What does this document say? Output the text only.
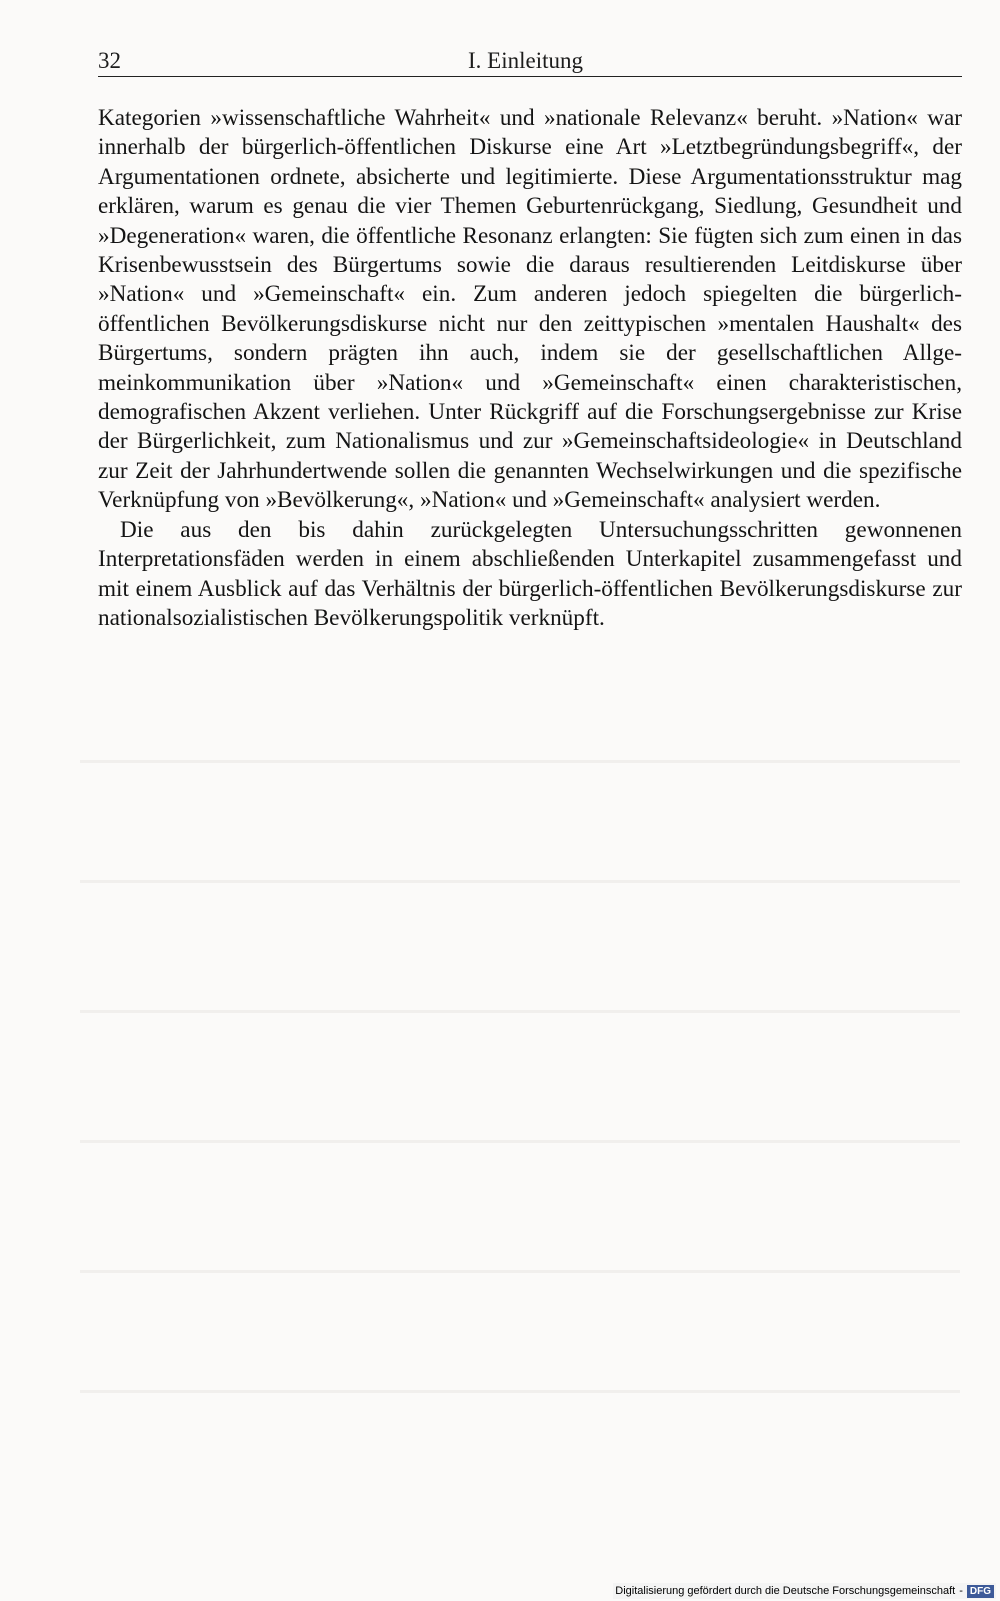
32	I. Einleitung

Kategorien »wissenschaftliche Wahrheit« und »nationale Relevanz« beruht. »Nation« war innerhalb der bürgerlich-öffentlichen Diskurse eine Art »Letztbegründungsbegriff«, der Argumentationen ordnete, absicherte und legitimierte. Diese Argumentationsstruktur mag erklären, warum es genau die vier Themen Geburtenrückgang, Siedlung, Gesundheit und »Degeneration« waren, die öffentliche Resonanz erlangten: Sie fügten sich zum einen in das Krisenbewusstsein des Bürgertums sowie die daraus resultierenden Leitdiskurse über »Nation« und »Gemeinschaft« ein. Zum anderen jedoch spiegelten die bürgerlich-öffentlichen Bevölkerungsdiskurse nicht nur den zeittypischen »mentalen Haushalt« des Bürgertums, sondern prägten ihn auch, indem sie der gesellschaftlichen Allgemeinkommunikation über »Nation« und »Gemeinschaft« einen charakteristischen, demografischen Akzent verliehen. Unter Rückgriff auf die Forschungsergebnisse zur Krise der Bürgerlichkeit, zum Nationalismus und zur »Gemeinschaftsideologie« in Deutschland zur Zeit der Jahrhundertwende sollen die genannten Wechselwirkungen und die spezifische Verknüpfung von »Bevölkerung«, »Nation« und »Gemeinschaft« analysiert werden.

Die aus den bis dahin zurückgelegten Untersuchungsschritten gewonnenen Interpretationsfäden werden in einem abschließenden Unterkapitel zusammengefasst und mit einem Ausblick auf das Verhältnis der bürgerlich-öffentlichen Bevölkerungsdiskurse zur nationalsozialistischen Bevölkerungspolitik verknüpft.

Digitalisierung gefördert durch die Deutsche Forschungsgemeinschaft - DFG
